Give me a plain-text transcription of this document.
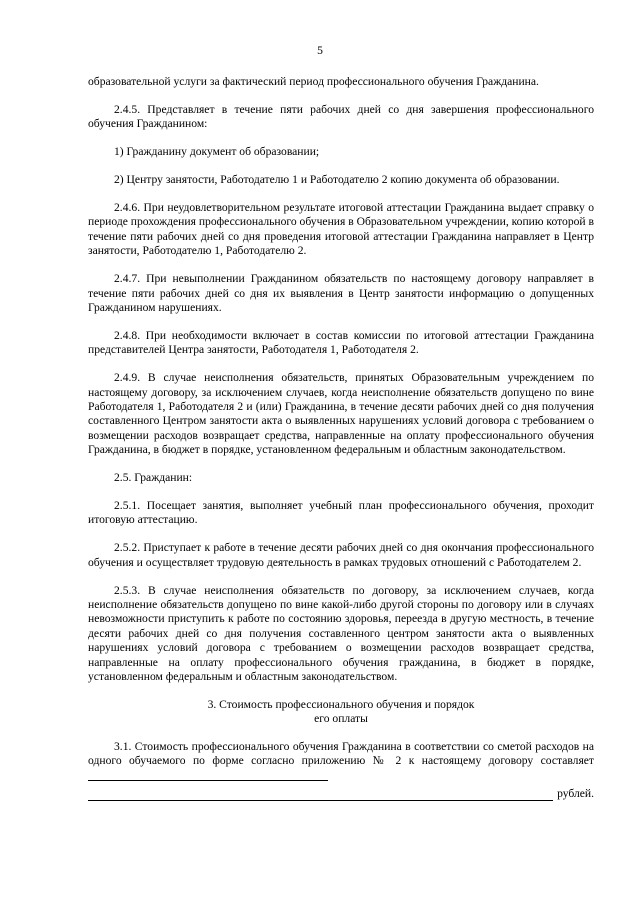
5

образовательной услуги за фактический период профессионального обучения Гражданина.

2.4.5. Представляет в течение пяти рабочих дней со дня завершения профессионального обучения Гражданином:

1) Гражданину документ об образовании;

2) Центру занятости, Работодателю 1 и Работодателю 2 копию документа об образовании.

2.4.6. При неудовлетворительном результате итоговой аттестации Гражданина выдает справку о периоде прохождения профессионального обучения в Образовательном учреждении, копию которой в течение пяти рабочих дней со дня проведения итоговой аттестации Гражданина направляет в Центр занятости, Работодателю 1, Работодателю 2.

2.4.7. При невыполнении Гражданином обязательств по настоящему договору направляет в течение пяти рабочих дней со дня их выявления в Центр занятости информацию о допущенных Гражданином нарушениях.

2.4.8. При необходимости включает в состав комиссии по итоговой аттестации Гражданина представителей Центра занятости, Работодателя 1, Работодателя 2.

2.4.9. В случае неисполнения обязательств, принятых Образовательным учреждением по настоящему договору, за исключением случаев, когда неисполнение обязательств допущено по вине Работодателя 1, Работодателя 2 и (или) Гражданина, в течение десяти рабочих дней со дня получения составленного Центром занятости акта о выявленных нарушениях условий договора с требованием о возмещении расходов возвращает средства, направленные на оплату профессионального обучения Гражданина, в бюджет в порядке, установленном федеральным и областным законодательством.

2.5. Гражданин:

2.5.1. Посещает занятия, выполняет учебный план профессионального обучения, проходит итоговую аттестацию.

2.5.2. Приступает к работе в течение десяти рабочих дней со дня окончания профессионального обучения и осуществляет трудовую деятельность в рамках трудовых отношений с Работодателем 2.

2.5.3. В случае неисполнения обязательств по договору, за исключением случаев, когда неисполнение обязательств допущено по вине какой-либо другой стороны по договору или в случаях невозможности приступить к работе по состоянию здоровья, переезда в другую местность, в течение десяти рабочих дней со дня получения составленного центром занятости акта о выявленных нарушениях условий договора с требованием о возмещении расходов возвращает средства, направленные на оплату профессионального обучения гражданина, в бюджет в порядке, установленном федеральным и областным законодательством.

3. Стоимость профессионального обучения и порядок
его оплаты

3.1. Стоимость профессионального обучения Гражданина в соответствии со сметой расходов на одного обучаемого по форме согласно приложению № 2 к настоящему договору составляет

рублей.
